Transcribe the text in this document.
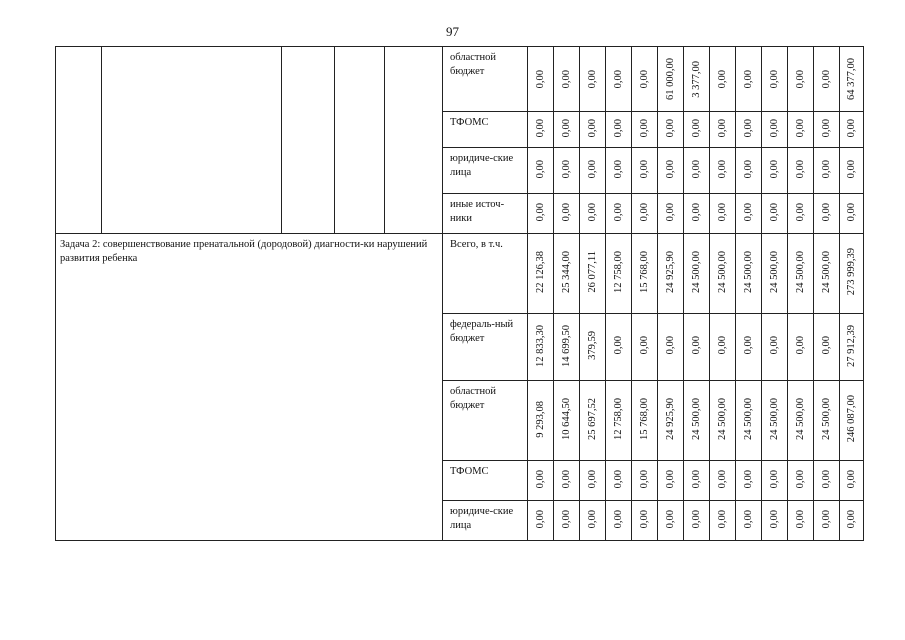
97
					областной бюджет	0,00	0,00	0,00	0,00	0,00	61 000,00	3 377,00	0,00	0,00	0,00	0,00	0,00	64 377,00
					ТФОМС	0,00	0,00	0,00	0,00	0,00	0,00	0,00	0,00	0,00	0,00	0,00	0,00	0,00
					юридиче-ские лица	0,00	0,00	0,00	0,00	0,00	0,00	0,00	0,00	0,00	0,00	0,00	0,00	0,00
					иные источ-ники	0,00	0,00	0,00	0,00	0,00	0,00	0,00	0,00	0,00	0,00	0,00	0,00	0,00
Задача 2: совершенствование пренатальной (дородовой) диагности-ки нарушений развития ребенка					Всего, в т.ч.	22 126,38	25 344,00	26 077,11	12 758,00	15 768,00	24 925,90	24 500,00	24 500,00	24 500,00	24 500,00	24 500,00	24 500,00	273 999,39
					федераль-ный бюджет	12 833,30	14 699,50	379,59	0,00	0,00	0,00	0,00	0,00	0,00	0,00	0,00	0,00	27 912,39
					областной бюджет	9 293,08	10 644,50	25 697,52	12 758,00	15 768,00	24 925,90	24 500,00	24 500,00	24 500,00	24 500,00	24 500,00	24 500,00	246 087,00
					ТФОМС	0,00	0,00	0,00	0,00	0,00	0,00	0,00	0,00	0,00	0,00	0,00	0,00	0,00
					юридиче-ские лица	0,00	0,00	0,00	0,00	0,00	0,00	0,00	0,00	0,00	0,00	0,00	0,00	0,00
